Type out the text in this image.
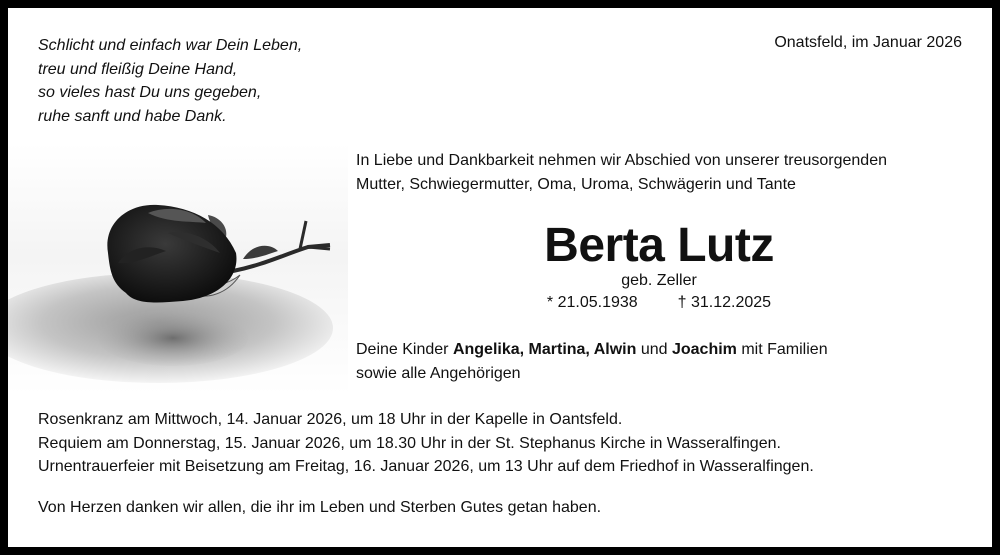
Schlicht und einfach war Dein Leben,
treu und fleißig Deine Hand,
so vieles hast Du uns gegeben,
ruhe sanft und habe Dank.
Onatsfeld, im Januar 2026
In Liebe und Dankbarkeit nehmen wir Abschied von unserer treusorgenden
Mutter, Schwiegermutter, Oma, Uroma, Schwägerin und Tante
Berta Lutz
geb. Zeller
* 21.05.1938	† 31.12.2025
Deine Kinder Angelika, Martina, Alwin und Joachim mit Familien
sowie alle Angehörigen
Rosenkranz am Mittwoch, 14. Januar 2026, um 18 Uhr in der Kapelle in Oantsfeld.
Requiem am Donnerstag, 15. Januar 2026, um 18.30 Uhr in der St. Stephanus Kirche in Wasseralfingen.
Urnentrauerfeier mit Beisetzung am Freitag, 16. Januar 2026, um 13 Uhr auf dem Friedhof in Wasseralfingen.
Von Herzen danken wir allen, die ihr im Leben und Sterben Gutes getan haben.
